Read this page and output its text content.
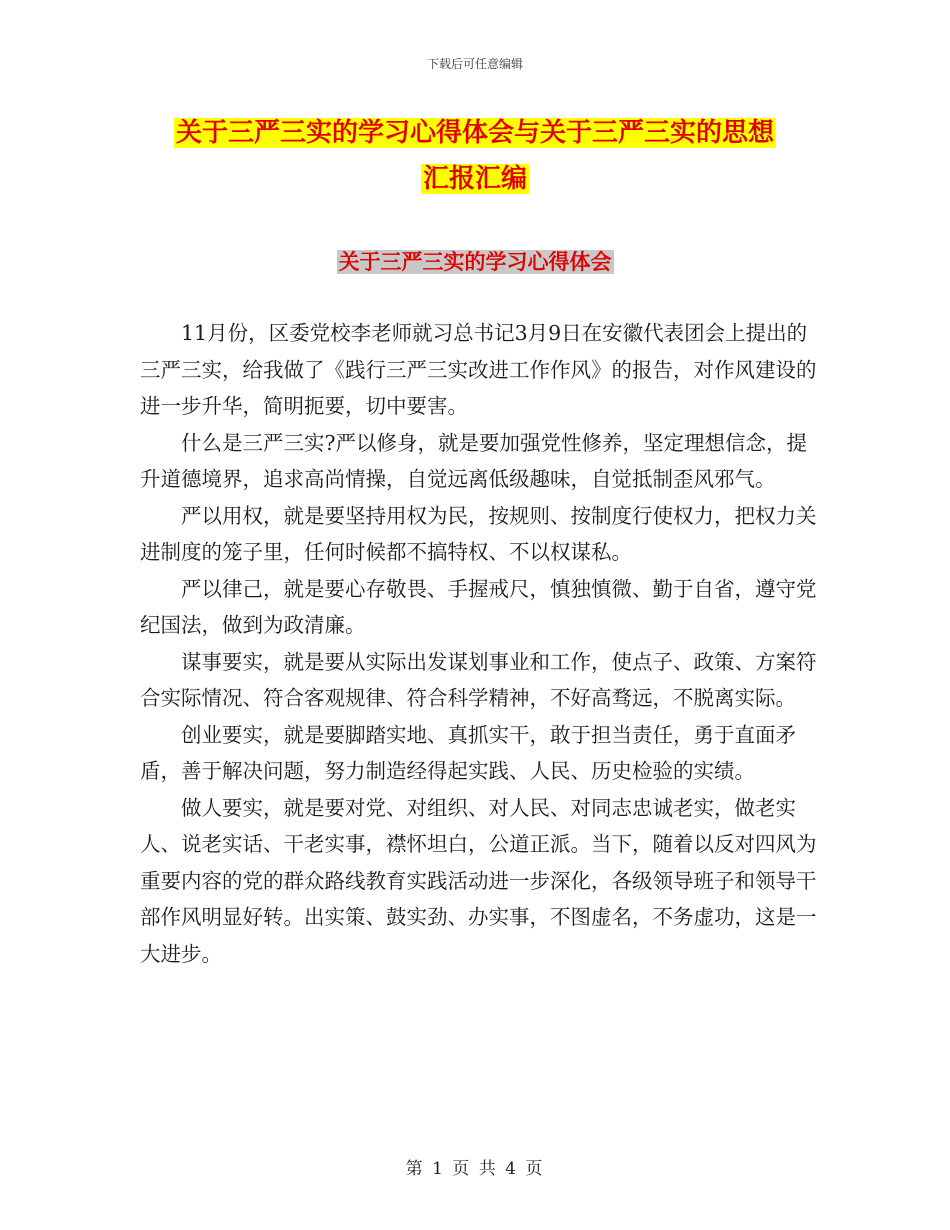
下载后可任意编辑
关于三严三实的学习心得体会与关于三严三实的思想
汇报汇编
关于三严三实的学习心得体会

11月份，区委党校李老师就习总书记3月9日在安徽代表团会上提出的三严三实，给我做了《践行三严三实改进工作作风》的报告，对作风建设的进一步升华，简明扼要，切中要害。

什么是三严三实?严以修身，就是要加强党性修养，坚定理想信念，提升道德境界，追求高尚情操，自觉远离低级趣味，自觉抵制歪风邪气。

严以用权，就是要坚持用权为民，按规则、按制度行使权力，把权力关进制度的笼子里，任何时候都不搞特权、不以权谋私。

严以律己，就是要心存敬畏、手握戒尺，慎独慎微、勤于自省，遵守党纪国法，做到为政清廉。

谋事要实，就是要从实际出发谋划事业和工作，使点子、政策、方案符合实际情况、符合客观规律、符合科学精神，不好高骛远，不脱离实际。

创业要实，就是要脚踏实地、真抓实干，敢于担当责任，勇于直面矛盾，善于解决问题，努力制造经得起实践、人民、历史检验的实绩。

做人要实，就是要对党、对组织、对人民、对同志忠诚老实，做老实人、说老实话、干老实事，襟怀坦白，公道正派。当下，随着以反对四风为重要内容的党的群众路线教育实践活动进一步深化，各级领导班子和领导干部作风明显好转。出实策、鼓实劲、办实事，不图虚名，不务虚功，这是一大进步。

第 1 页 共 4 页
